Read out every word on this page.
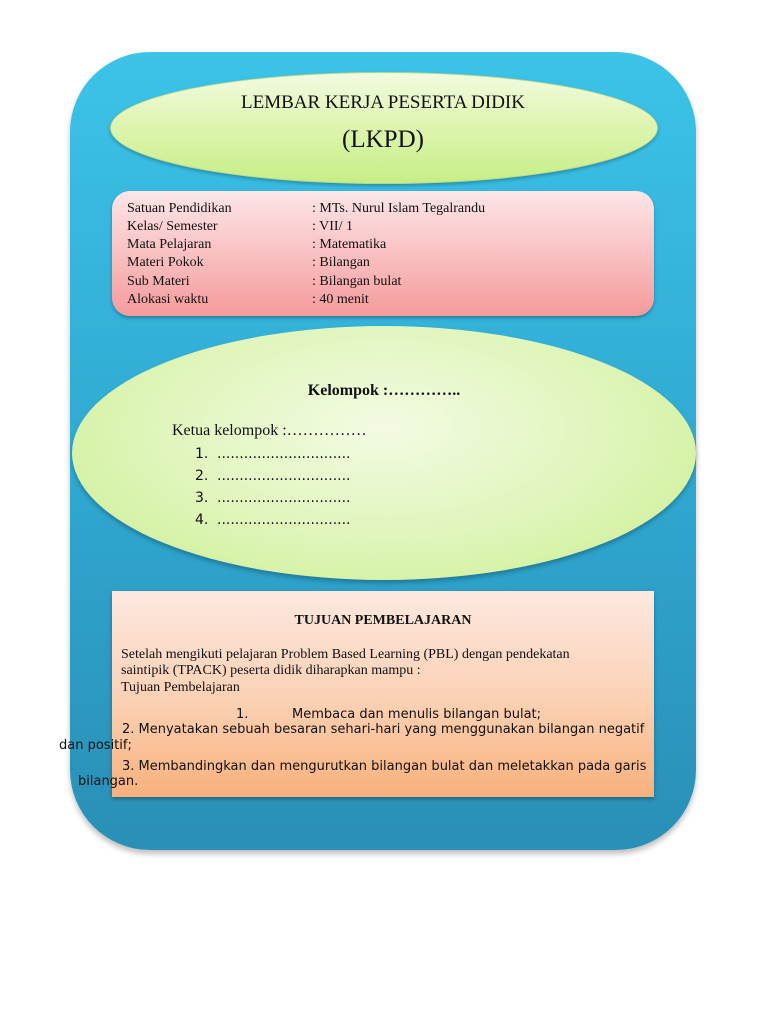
LEMBAR KERJA PESERTA DIDIK
(LKPD)
Satuan Pendidikan	: MTs. Nurul Islam Tegalrandu
Kelas/ Semester	: VII/ 1
Mata Pelajaran	: Matematika
Materi Pokok	: Bilangan
Sub Materi	: Bilangan bulat
Alokasi waktu	: 40 menit
Kelompok :…………..
Ketua kelompok :……………
1. ..............................
2. ..............................
3. ..............................
4. ..............................
TUJUAN PEMBELAJARAN
Setelah mengikuti pelajaran Problem Based Learning (PBL) dengan pendekatan
saintipik (TPACK) peserta didik diharapkan mampu :
Tujuan Pembelajaran
1.	Membaca dan menulis bilangan bulat;
2. Menyatakan sebuah besaran sehari-hari yang menggunakan bilangan negatif
dan positif;
3. Membandingkan dan mengurutkan bilangan bulat dan meletakkan pada garis
bilangan.
